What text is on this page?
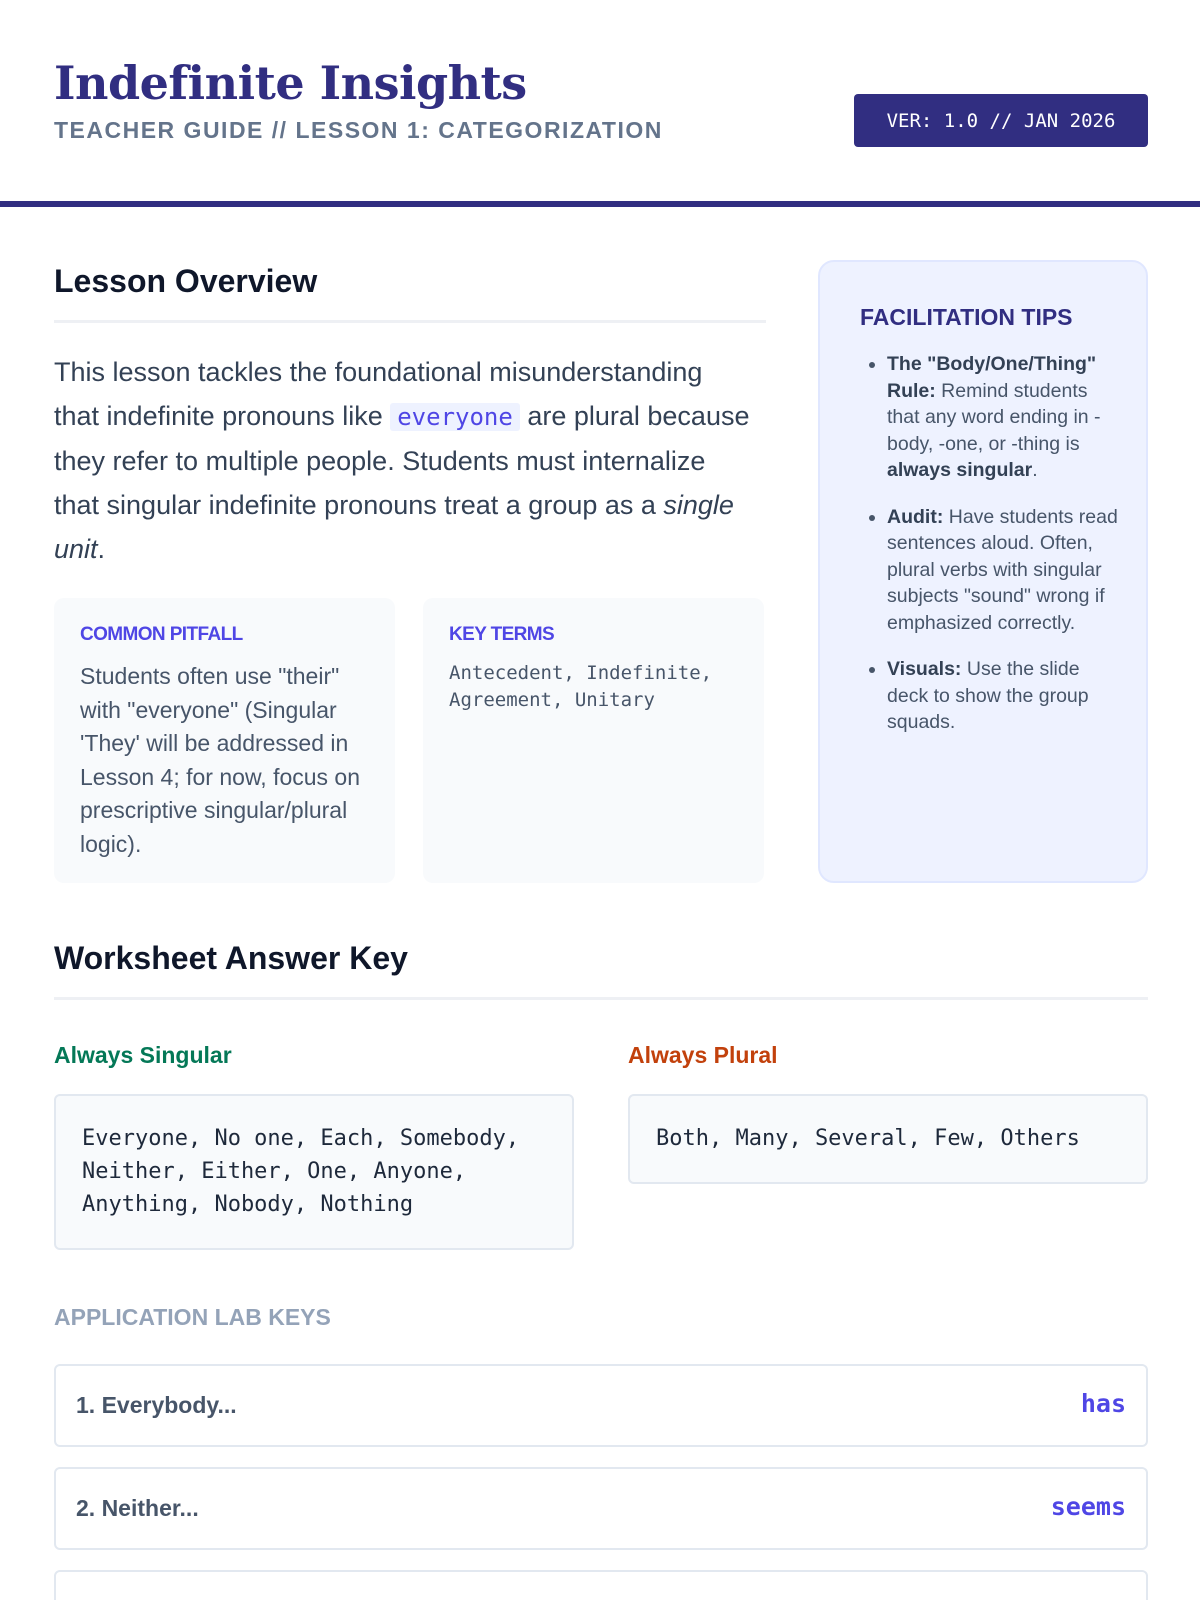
Indefinite Insights
TEACHER GUIDE // LESSON 1: CATEGORIZATION	VER: 1.0 // JAN 2026
Lesson Overview

This lesson tackles the foundational misunderstanding that indefinite pronouns like everyone are plural because they refer to multiple people. Students must internalize that singular indefinite pronouns treat a group as a single unit.

COMMON PITFALL
Students often use "their" with "everyone" (Singular 'They' will be addressed in Lesson 4; for now, focus on prescriptive singular/plural logic).
KEY TERMS
Antecedent, Indefinite, Agreement, Unitary
FACILITATION TIPS
• The "Body/One/Thing" Rule: Remind students that any word ending in -body, -one, or -thing is always singular.
• Audit: Have students read sentences aloud. Often, plural verbs with singular subjects "sound" wrong if emphasized correctly.
• Visuals: Use the slide deck to show the group squads.
Worksheet Answer Key
Always Singular
Everyone, No one, Each, Somebody, Neither, Either, One, Anyone, Anything, Nobody, Nothing
Always Plural
Both, Many, Several, Few, Others
APPLICATION LAB KEYS
1. Everybody...	has
2. Neither...	seems
